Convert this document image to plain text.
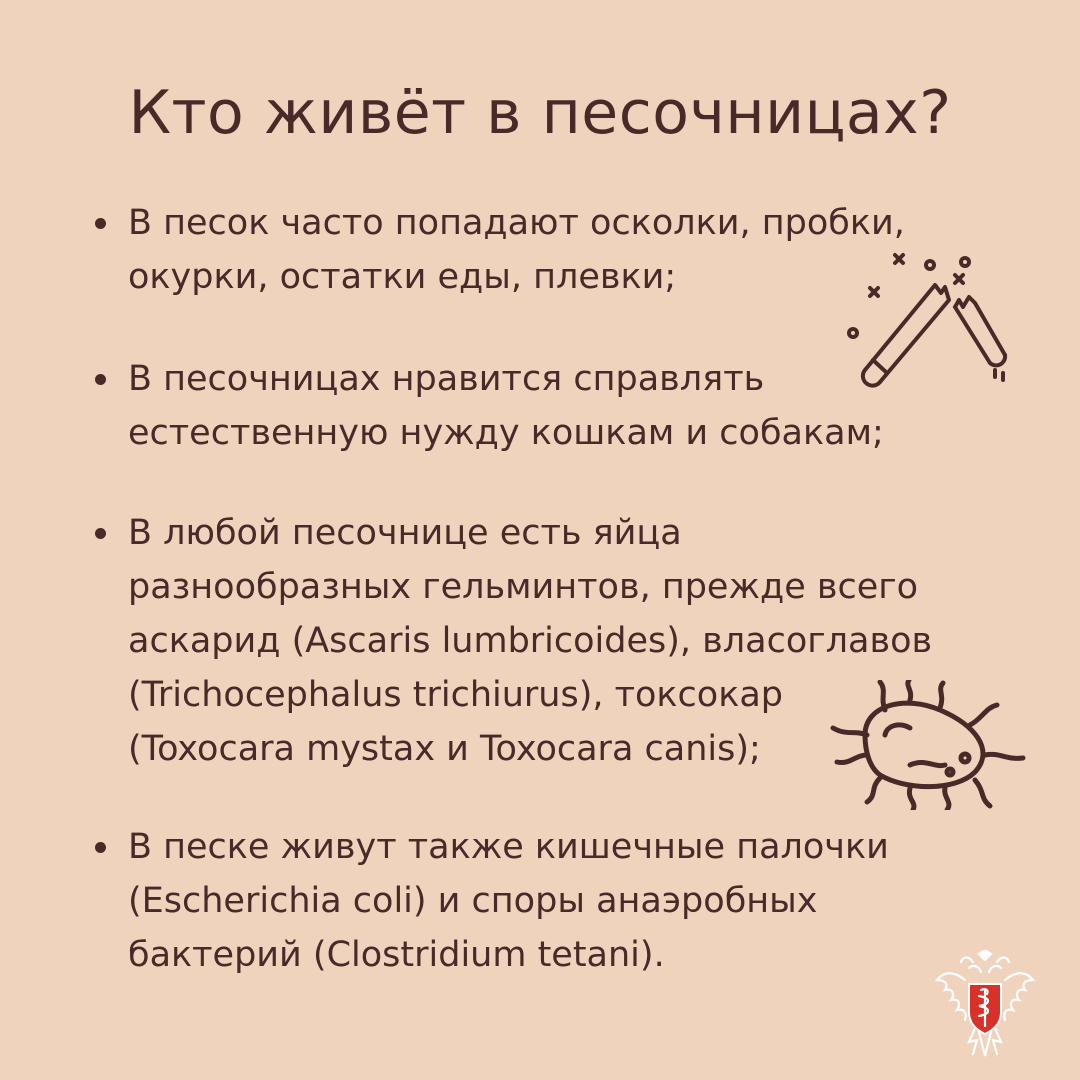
Кто живёт в песочницах?
В песок часто попадают осколки, пробки,
окурки, остатки еды, плевки;
В песочницах нравится справлять
естественную нужду кошкам и собакам;
В любой песочнице есть яйца
разнообразных гельминтов, прежде всего
аскарид (Ascaris lumbricoides), власоглавов
(Trichocephalus trichiurus), токсокар
(Toxocara mystax и Toxocara canis);
В песке живут также кишечные палочки
(Escherichia coli) и споры анаэробных
бактерий (Clostridium tetani).
